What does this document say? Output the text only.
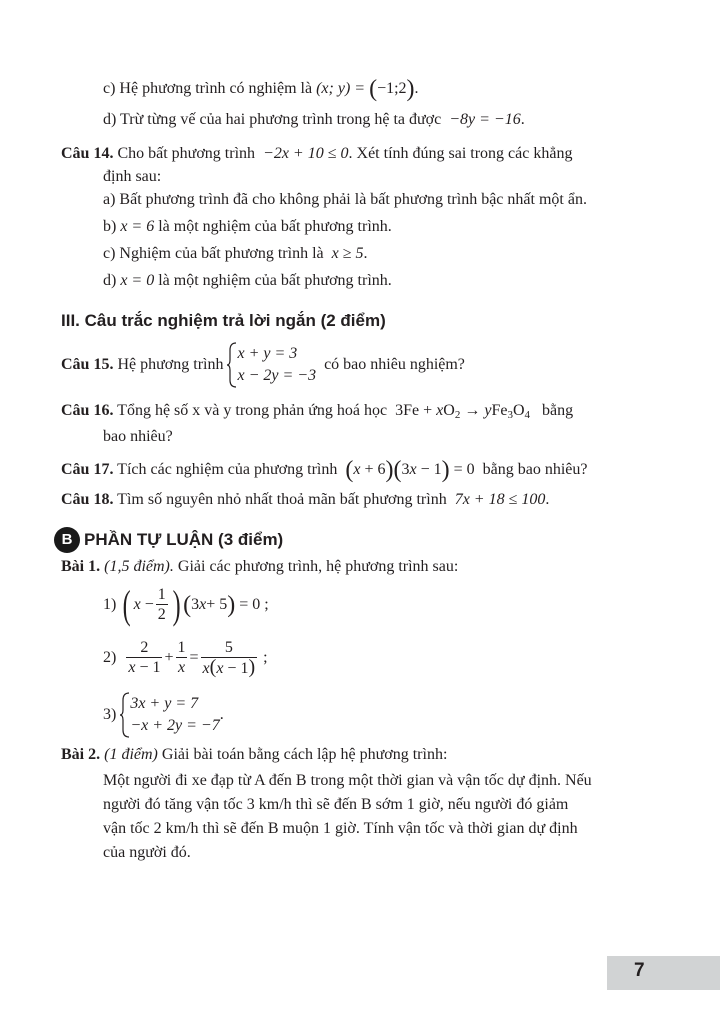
c) Hệ phương trình có nghiệm là (x; y) = (−1;2).
d) Trừ từng vế của hai phương trình trong hệ ta được −8y = −16.
Câu 14. Cho bất phương trình −2x + 10 ≤ 0. Xét tính đúng sai trong các khẳng
định sau:
a) Bất phương trình đã cho không phải là bất phương trình bậc nhất một ẩn.
b) x = 6 là một nghiệm của bất phương trình.
c) Nghiệm của bất phương trình là x ≥ 5.
d) x = 0 là một nghiệm của bất phương trình.
III. Câu trắc nghiệm trả lời ngắn (2 điểm)
Câu 15.
Hệ phương trình

x + y = 3
x − 2y = −3

có bao nhiêu nghiệm?
Câu 16. Tổng hệ số x và y trong phản ứng hoá học $3Fe + xO_2 \to yFe_3O_4$ bằng
bao nhiêu?
Câu 17. Tích các nghiệm của phương trình (x + 6)(3x − 1) = 0 bằng bao nhiêu?
Câu 18. Tìm số nguyên nhỏ nhất thoả mãn bất phương trình 7x + 18 ≤ 100.
B PHẦN TỰ LUẬN (3 điểm)
Bài 1. (1,5 điểm). Giải các phương trình, hệ phương trình sau:
1)
( $x - \frac{1}{2}$ ) ( 3 x + 5 ) = 0 ;
2)
$\frac{2}{x - 1} + \frac{1}{x} = \frac{5}{x(x - 1)}$ ;
3)

3x + y = 7
−x + 2y = −7
.
Bài 2. (1 điểm) Giải bài toán bằng cách lập hệ phương trình:
Một người đi xe đạp từ A đến B trong một thời gian và vận tốc dự định. Nếu
người đó tăng vận tốc 3 km/h thì sẽ đến B sớm 1 giờ, nếu người đó giảm
vận tốc 2 km/h thì sẽ đến B muộn 1 giờ. Tính vận tốc và thời gian dự định
của người đó.
7
